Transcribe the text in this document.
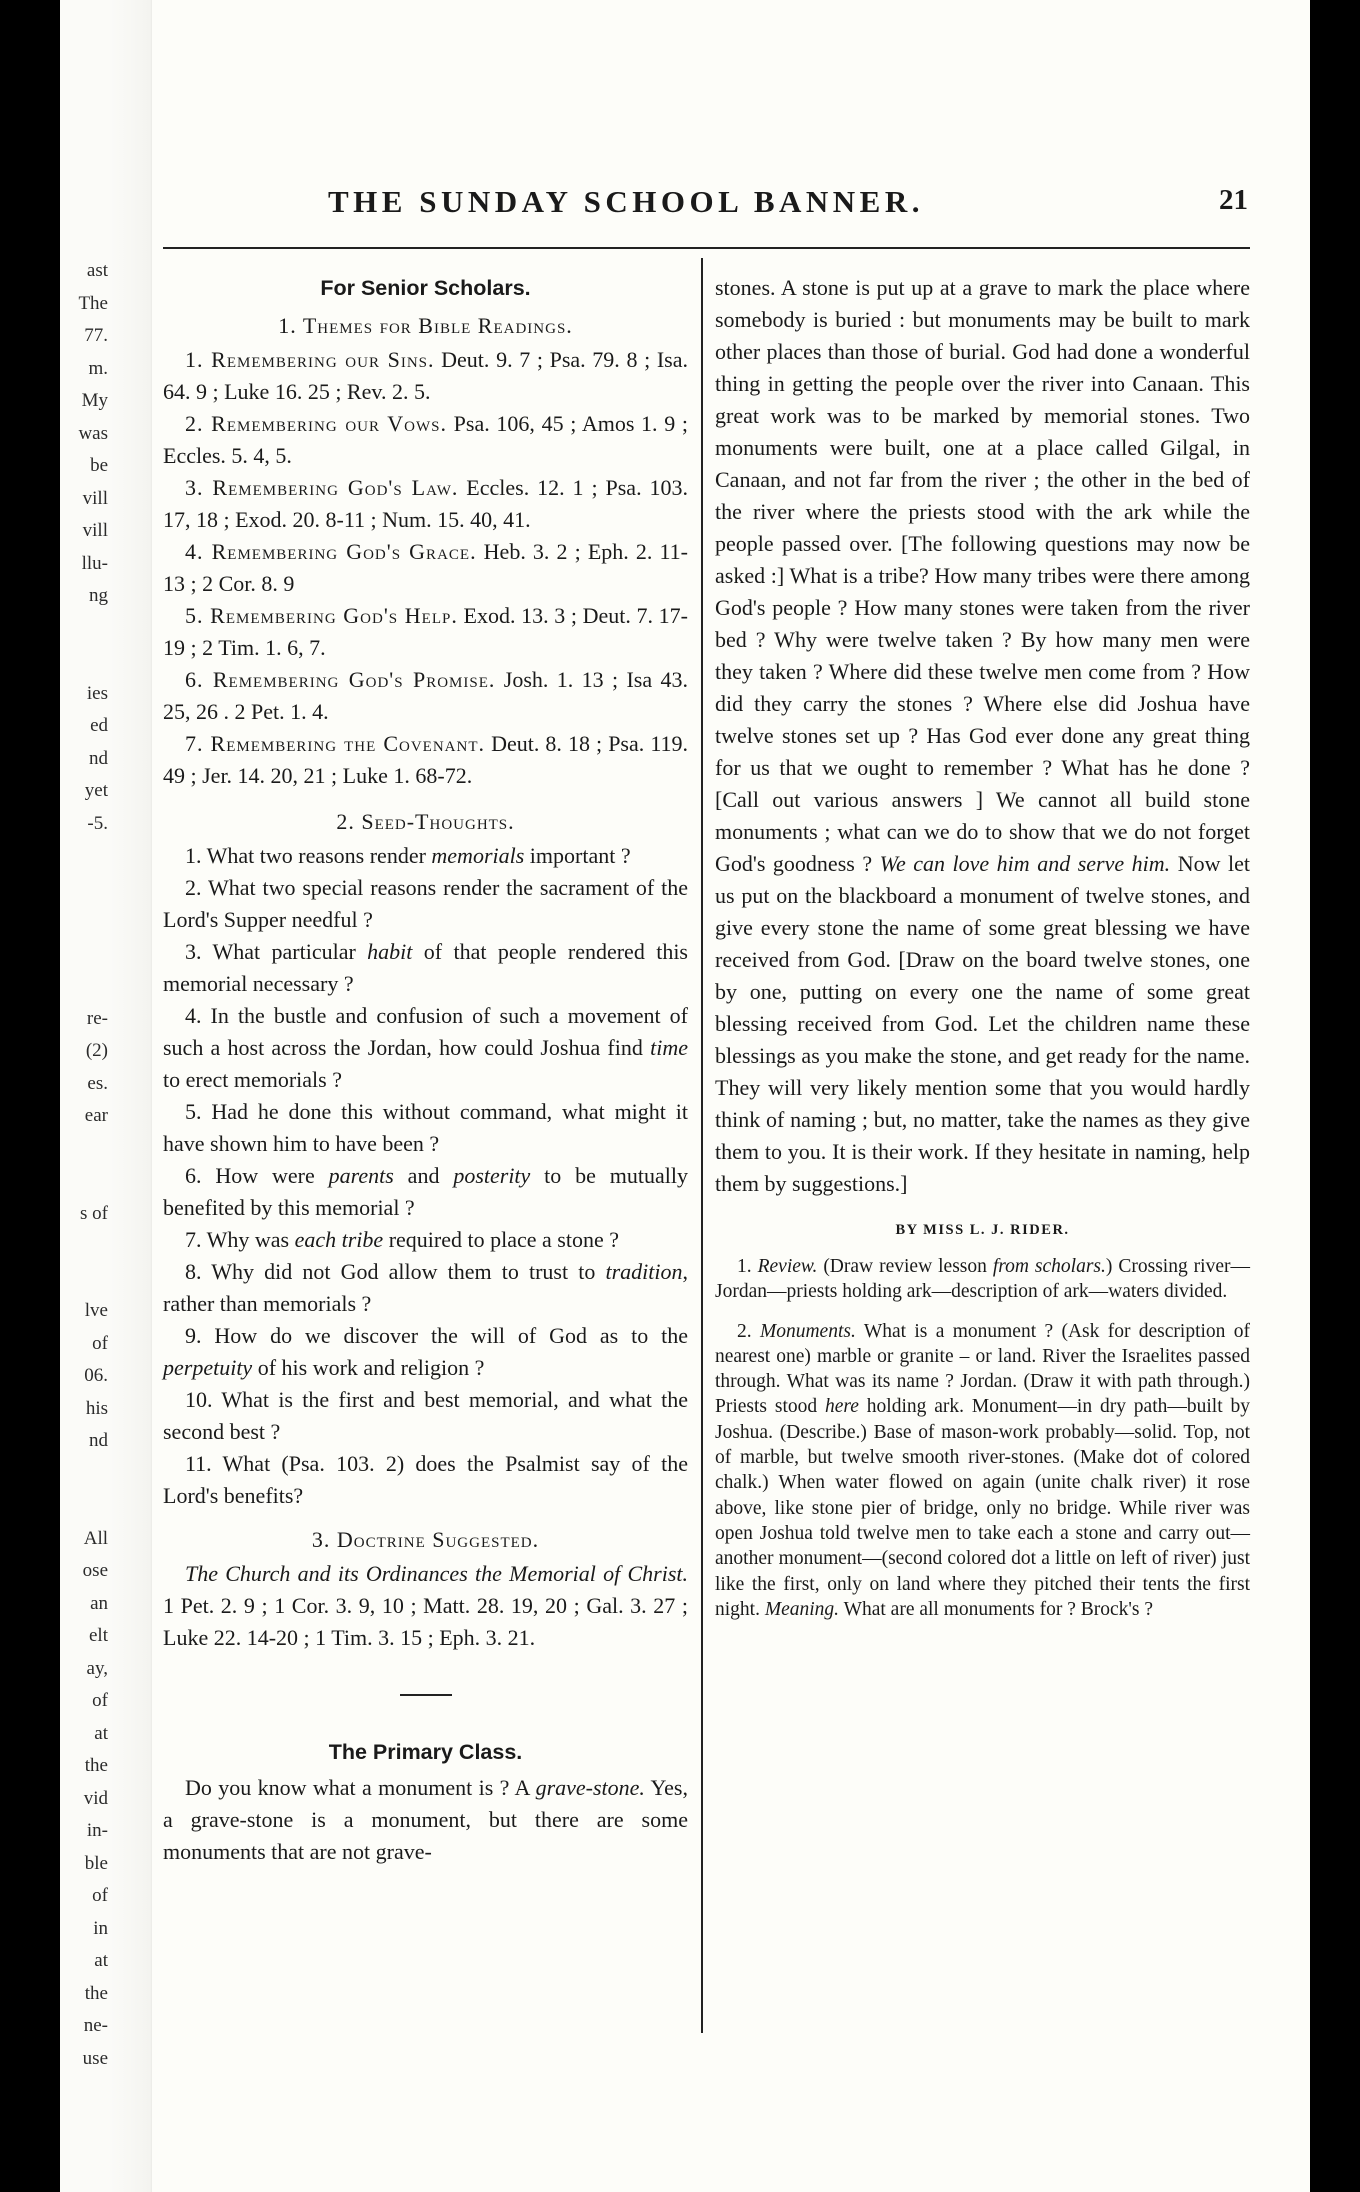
ast
The
77.
m.
My
was
be
vill
vill
llu-
ng

ies
ed
nd
yet
-5.

re-
(2)
es.
ear

s of

lve
of
06.
his
nd

All
ose
an
elt
ay,
of
at
the
vid
in-
ble
of
in
at
the
ne-
use
THE SUNDAY SCHOOL BANNER.	21

For Senior Scholars.

1. Themes for Bible Readings.

1. Remembering our Sins. Deut. 9. 7 ; Psa. 79. 8 ; Isa. 64. 9 ; Luke 16. 25 ; Rev. 2. 5.

2. Remembering our Vows. Psa. 106, 45 ; Amos 1. 9 ; Eccles. 5. 4, 5.

3. Remembering God's Law. Eccles. 12. 1 ; Psa. 103. 17, 18 ; Exod. 20. 8-11 ; Num. 15. 40, 41.

4. Remembering God's Grace. Heb. 3. 2 ; Eph. 2. 11-13 ; 2 Cor. 8. 9

5. Remembering God's Help. Exod. 13. 3 ; Deut. 7. 17-19 ; 2 Tim. 1. 6, 7.

6. Remembering God's Promise. Josh. 1. 13 ; Isa 43. 25, 26 . 2 Pet. 1. 4.

7. Remembering the Covenant. Deut. 8. 18 ; Psa. 119. 49 ; Jer. 14. 20, 21 ; Luke 1. 68-72.

2. Seed-Thoughts.

1. What two reasons render memorials important ?

2. What two special reasons render the sacrament of the Lord's Supper needful ?

3. What particular habit of that people rendered this memorial necessary ?

4. In the bustle and confusion of such a movement of such a host across the Jordan, how could Joshua find time to erect memorials ?

5. Had he done this without command, what might it have shown him to have been ?

6. How were parents and posterity to be mutually benefited by this memorial ?

7. Why was each tribe required to place a stone ?

8. Why did not God allow them to trust to tradition, rather than memorials ?

9. How do we discover the will of God as to the perpetuity of his work and religion ?

10. What is the first and best memorial, and what the second best ?

11. What (Psa. 103. 2) does the Psalmist say of the Lord's benefits?

3. Doctrine Suggested.

The Church and its Ordinances the Memorial of Christ. 1 Pet. 2. 9 ; 1 Cor. 3. 9, 10 ; Matt. 28. 19, 20 ; Gal. 3. 27 ; Luke 22. 14-20 ; 1 Tim. 3. 15 ; Eph. 3. 21.

The Primary Class.

Do you know what a monument is ? A grave-stone. Yes, a grave-stone is a monument, but there are some monuments that are not grave-

stones. A stone is put up at a grave to mark the place where somebody is buried : but monuments may be built to mark other places than those of burial. God had done a wonderful thing in getting the people over the river into Canaan. This great work was to be marked by memorial stones. Two monuments were built, one at a place called Gilgal, in Canaan, and not far from the river ; the other in the bed of the river where the priests stood with the ark while the people passed over. [The following questions may now be asked :] What is a tribe? How many tribes were there among God's people ? How many stones were taken from the river bed ? Why were twelve taken ? By how many men were they taken ? Where did these twelve men come from ? How did they carry the stones ? Where else did Joshua have twelve stones set up ? Has God ever done any great thing for us that we ought to remember ? What has he done ? [Call out various answers ] We cannot all build stone monuments ; what can we do to show that we do not forget God's goodness ? We can love him and serve him. Now let us put on the blackboard a monument of twelve stones, and give every stone the name of some great blessing we have received from God. [Draw on the board twelve stones, one by one, putting on every one the name of some great blessing received from God. Let the children name these blessings as you make the stone, and get ready for the name. They will very likely mention some that you would hardly think of naming ; but, no matter, take the names as they give them to you. It is their work. If they hesitate in naming, help them by suggestions.]

BY MISS L. J. RIDER.

1. Review. (Draw review lesson from scholars.) Crossing river—Jordan—priests holding ark—description of ark—waters divided.

2. Monuments. What is a monument ? (Ask for description of nearest one) marble or granite – or land. River the Israelites passed through. What was its name ? Jordan. (Draw it with path through.) Priests stood here holding ark. Monument—in dry path—built by Joshua. (Describe.) Base of mason-work probably—solid. Top, not of marble, but twelve smooth river-stones. (Make dot of colored chalk.) When water flowed on again (unite chalk river) it rose above, like stone pier of bridge, only no bridge. While river was open Joshua told twelve men to take each a stone and carry out—another monument—(second colored dot a little on left of river) just like the first, only on land where they pitched their tents the first night. Meaning. What are all monuments for ? Brock's ?
